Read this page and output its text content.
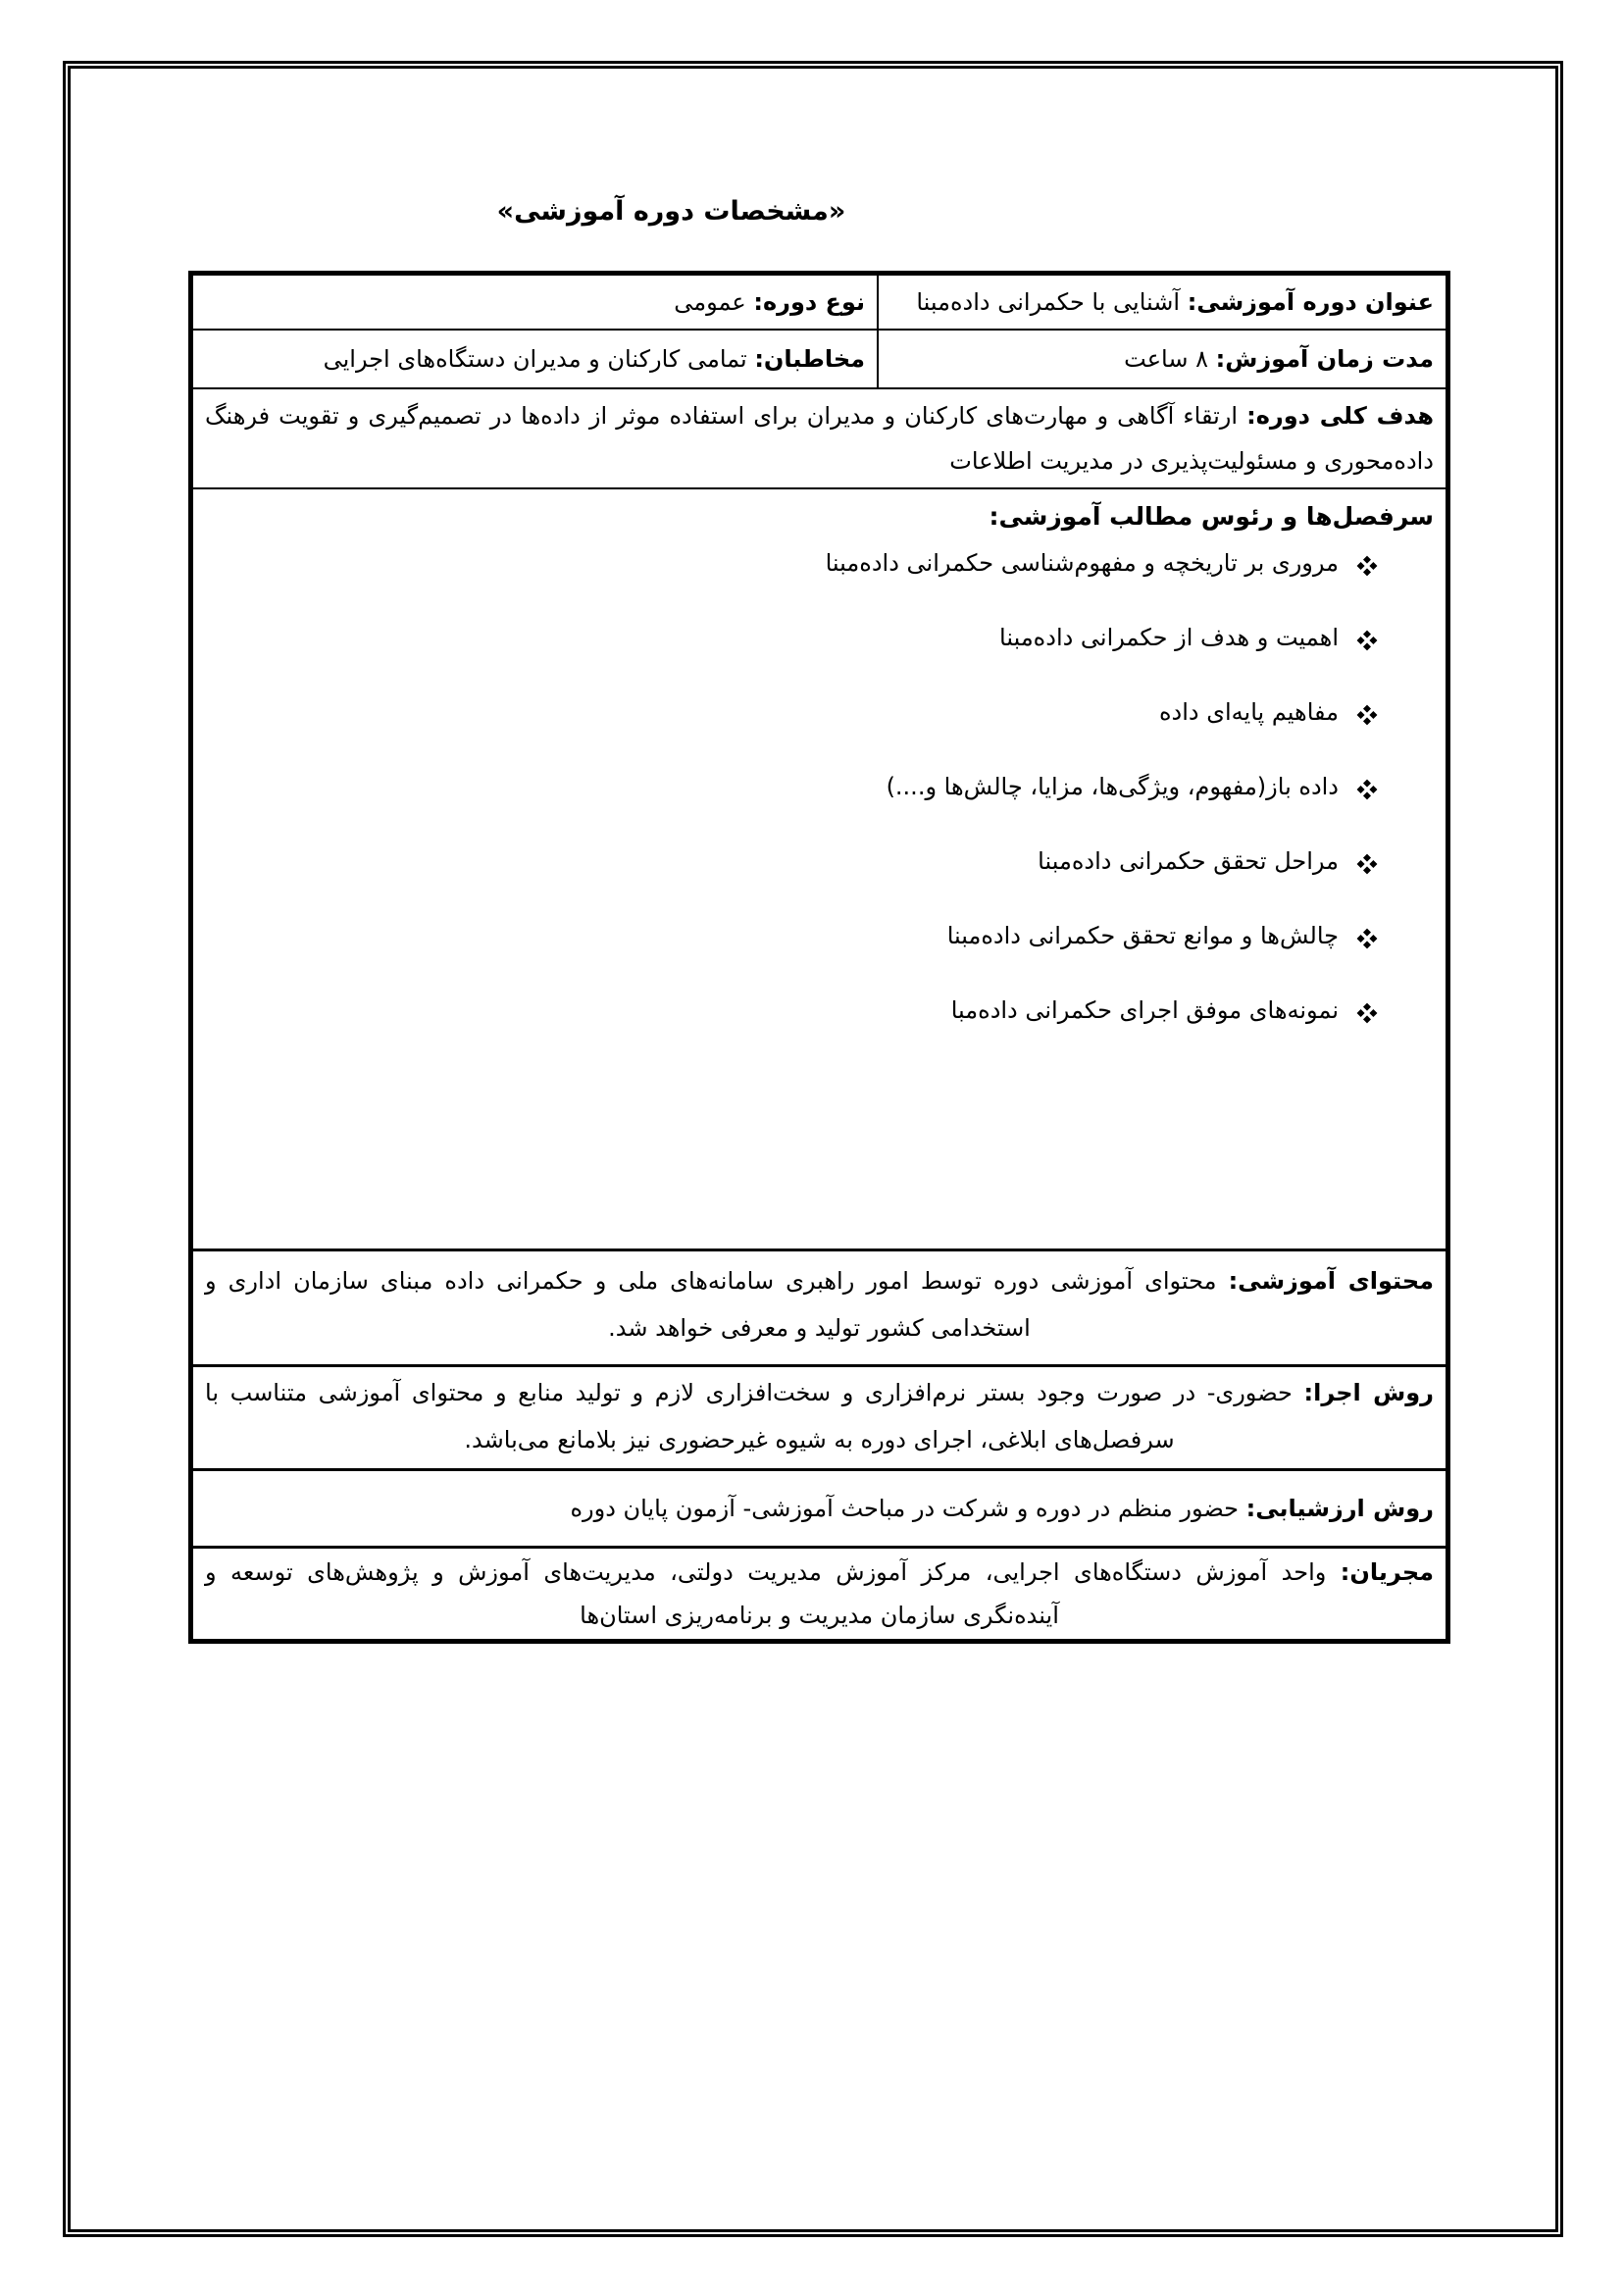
«مشخصات دوره آموزشی»
عنوان دوره آموزشی: آشنایی با حکمرانی داده‌مبنا
نوع دوره: عمومی
مدت زمان آموزش: ۸ ساعت
مخاطبان: تمامی کارکنان و مدیران دستگاه‌های اجرایی
هدف کلی دوره: ارتقاء آگاهی و مهارت‌های کارکنان و مدیران برای استفاده موثر از داده‌ها در تصمیم‌گیری و تقویت فرهنگ داده‌محوری و مسئولیت‌پذیری در مدیریت اطلاعات
سرفصل‌ها و رئوس مطالب آموزشی:
مروری بر تاریخچه و مفهوم‌شناسی حکمرانی داده‌مبنا
اهمیت و هدف از حکمرانی داده‌مبنا
مفاهیم پایه‌ای داده
داده باز(مفهوم، ویژگی‌ها، مزایا، چالش‌ها و....)
مراحل تحقق حکمرانی داده‌مبنا
چالش‌ها و موانع تحقق حکمرانی داده‌مبنا
نمونه‌های موفق اجرای حکمرانی داده‌مبا
محتوای آموزشی: محتوای آموزشی دوره توسط امور راهبری سامانه‌های ملی و حکمرانی داده مبنای سازمان اداری و استخدامی کشور تولید و معرفی خواهد شد.
روش اجرا: حضوری- در صورت وجود بستر نرم‌افزاری و سخت‌افزاری لازم و تولید منابع و محتوای آموزشی متناسب با سرفصل‌های ابلاغی، اجرای دوره به شیوه غیرحضوری نیز بلامانع می‌باشد.
روش ارزشیابی: حضور منظم در دوره و شرکت در مباحث آموزشی- آزمون پایان دوره
مجریان: واحد آموزش دستگاه‌های اجرایی، مرکز آموزش مدیریت دولتی، مدیریت‌های آموزش و پژوهش‌های توسعه و آینده‌نگری سازمان مدیریت و برنامه‌ریزی استان‌ها
